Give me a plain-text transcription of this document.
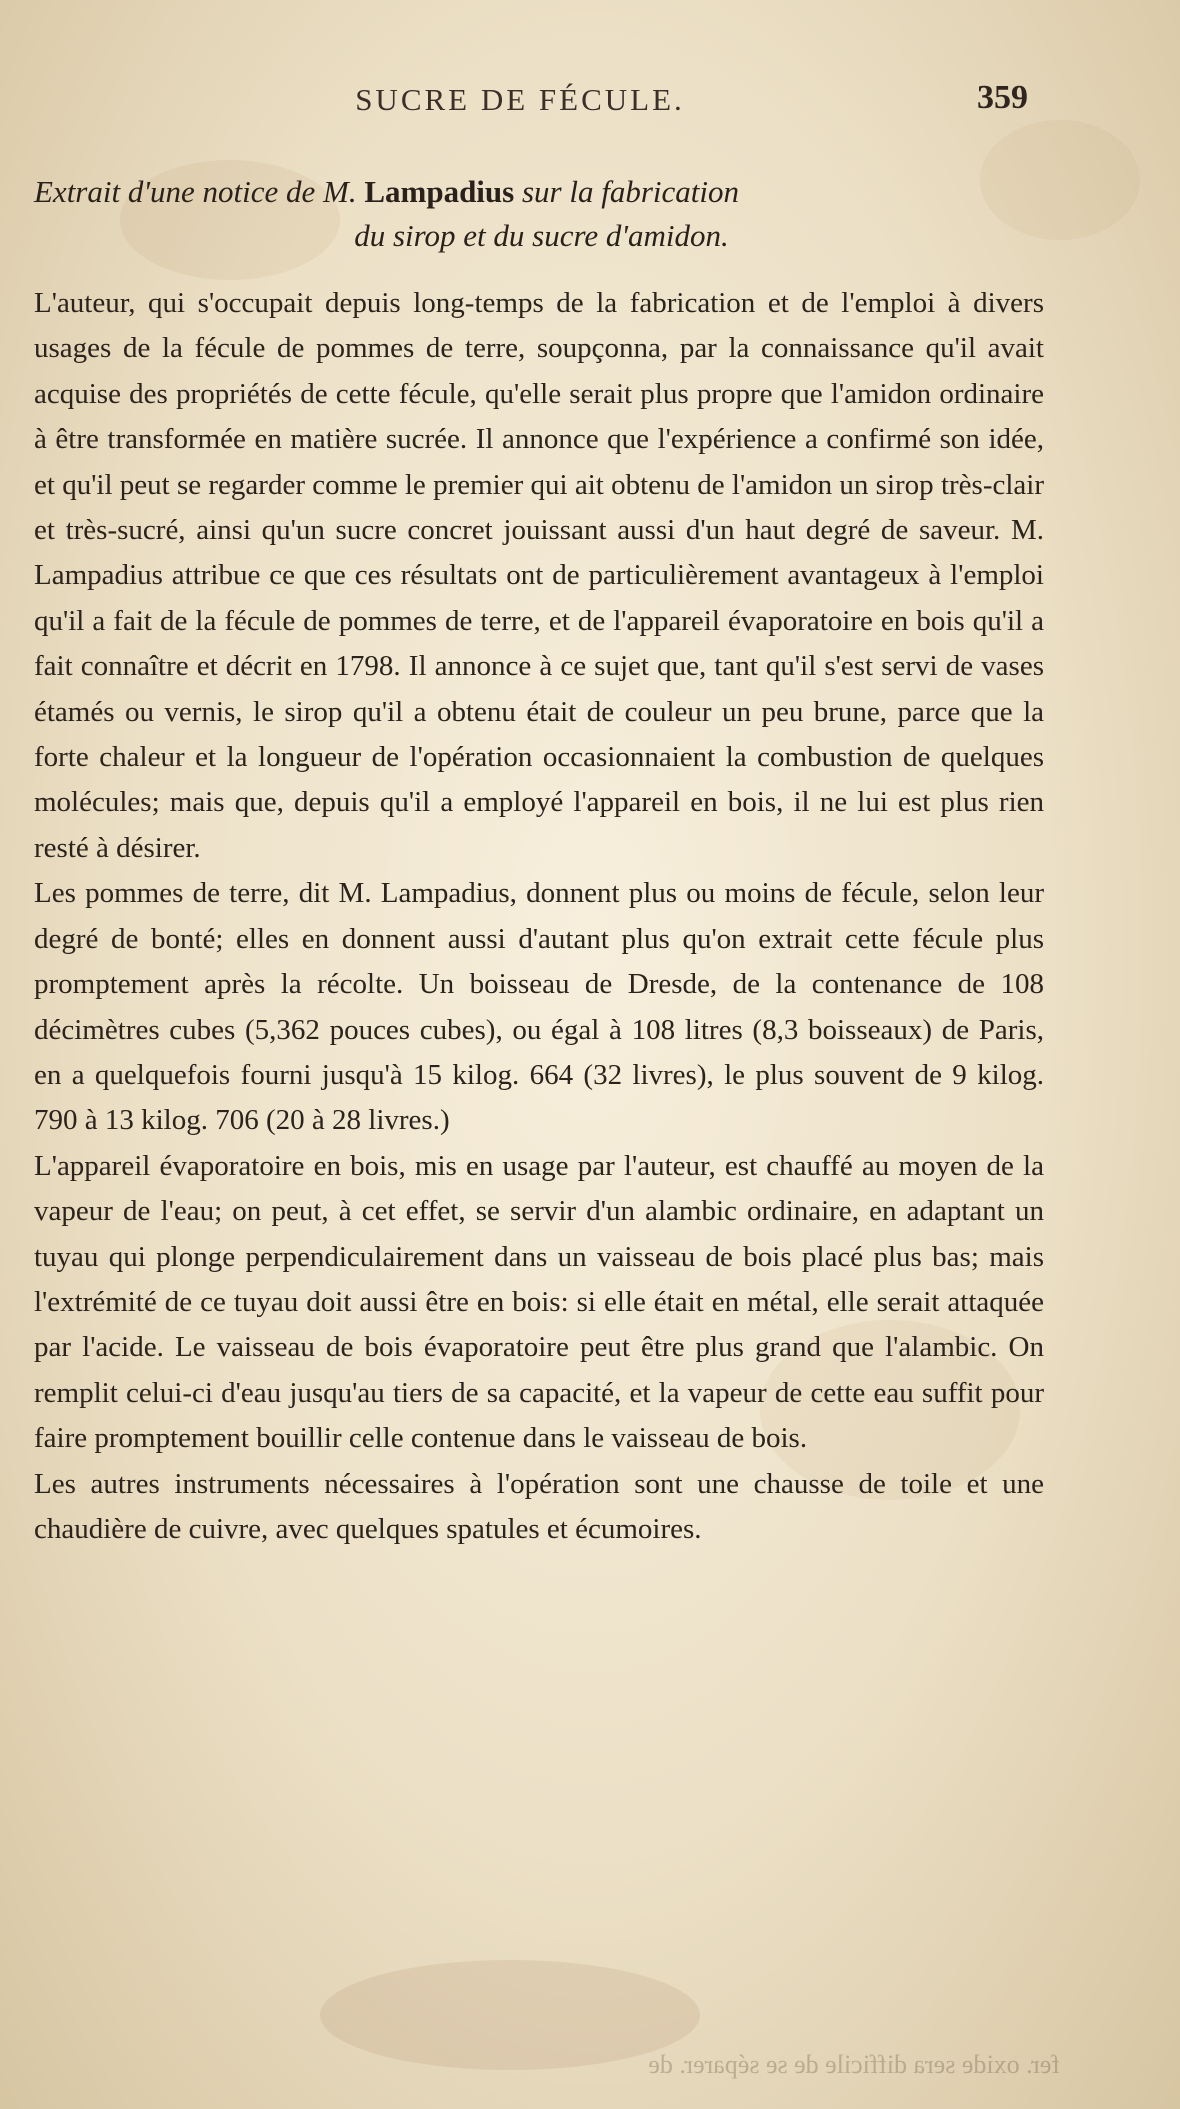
SUCRE DE FÉCULE.	359
Extrait d'une notice de M. Lampadius sur la fabrication
du sirop et du sucre d'amidon.

L'auteur, qui s'occupait depuis long-temps de la fabrication et de l'emploi à divers usages de la fécule de pommes de terre, soupçonna, par la connaissance qu'il avait acquise des propriétés de cette fécule, qu'elle serait plus propre que l'amidon ordinaire à être transformée en matière sucrée. Il annonce que l'expérience a confirmé son idée, et qu'il peut se regarder comme le premier qui ait obtenu de l'amidon un sirop très-clair et très-sucré, ainsi qu'un sucre concret jouissant aussi d'un haut degré de saveur. M. Lampadius attribue ce que ces résultats ont de particulièrement avantageux à l'emploi qu'il a fait de la fécule de pommes de terre, et de l'appareil évaporatoire en bois qu'il a fait connaître et décrit en 1798. Il annonce à ce sujet que, tant qu'il s'est servi de vases étamés ou vernis, le sirop qu'il a obtenu était de couleur un peu brune, parce que la forte chaleur et la longueur de l'opération occasionnaient la combustion de quelques molécules; mais que, depuis qu'il a employé l'appareil en bois, il ne lui est plus rien resté à désirer.

Les pommes de terre, dit M. Lampadius, donnent plus ou moins de fécule, selon leur degré de bonté; elles en donnent aussi d'autant plus qu'on extrait cette fécule plus promptement après la récolte. Un boisseau de Dresde, de la contenance de 108 décimètres cubes (5,362 pouces cubes), ou égal à 108 litres (8,3 boisseaux) de Paris, en a quelquefois fourni jusqu'à 15 kilog. 664 (32 livres), le plus souvent de 9 kilog. 790 à 13 kilog. 706 (20 à 28 livres.)

L'appareil évaporatoire en bois, mis en usage par l'auteur, est chauffé au moyen de la vapeur de l'eau; on peut, à cet effet, se servir d'un alambic ordinaire, en adaptant un tuyau qui plonge perpendiculairement dans un vaisseau de bois placé plus bas; mais l'extrémité de ce tuyau doit aussi être en bois: si elle était en métal, elle serait attaquée par l'acide. Le vaisseau de bois évaporatoire peut être plus grand que l'alambic. On remplit celui-ci d'eau jusqu'au tiers de sa capacité, et la vapeur de cette eau suffit pour faire promptement bouillir celle contenue dans le vaisseau de bois.

Les autres instruments nécessaires à l'opération sont une chausse de toile et une chaudière de cuivre, avec quelques spatules et écumoires.

fer. oxide sera difficile de se séparer. de
